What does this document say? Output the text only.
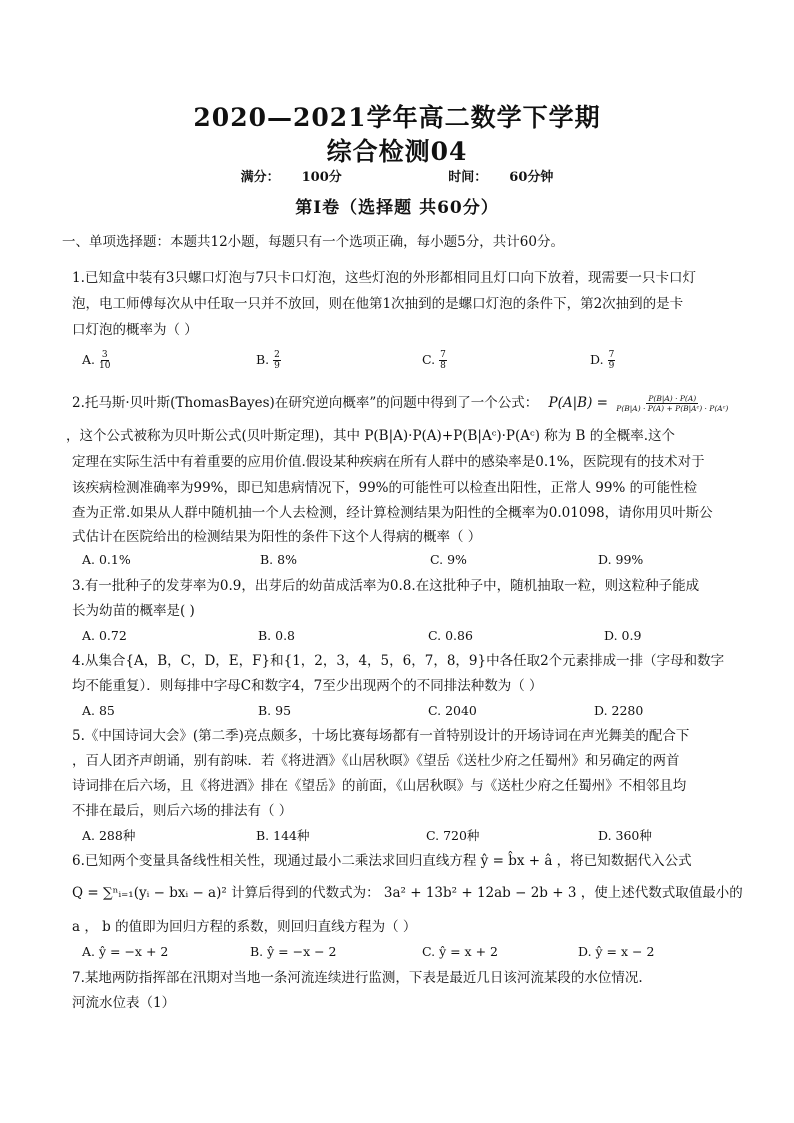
2020—2021学年高二数学下学期
综合检测04
满分： 100分	时间： 60分钟
第Ⅰ卷（选择题 共60分）
一、单项选择题：本题共12小题，每题只有一个选项正确，每小题5分，共计60分。
1.已知盒中装有3只螺口灯泡与7只卡口灯泡，这些灯泡的外形都相同且灯口向下放着，现需要一只卡口灯
泡，电工师傅每次从中任取一只并不放回，则在他第1次抽到的是螺口灯泡的条件下，第2次抽到的是卡
口灯泡的概率为（ ）
A. $\frac{3}{10}$	B. $\frac{2}{9}$	C. $\frac{7}{8}$	D. $\frac{7}{9}$
2.托马斯·贝叶斯(ThomasBayes)在研究逆向概率”的问题中得到了一个公式： $P(A|B) = \frac{P(B|A) \cdot P(A)}{\text{P(B|A) · P(A) + P(B|Aᶜ) · P(Aᶜ)}}$
，这个公式被称为贝叶斯公式(贝叶斯定理)，其中 P(B|A)·P(A)+P(B|Aᶜ)·P(Aᶜ) 称为 B 的全概率.这个
定理在实际生活中有着重要的应用价值.假设某种疾病在所有人群中的感染率是0.1%，医院现有的技术对于
该疾病检测准确率为99%，即已知患病情况下，99%的可能性可以检查出阳性，正常人 99% 的可能性检
查为正常.如果从人群中随机抽一个人去检测，经计算检测结果为阳性的全概率为0.01098，请你用贝叶斯公
式估计在医院给出的检测结果为阳性的条件下这个人得病的概率（ ）
A. 0.1%	B. 8%	C. 9%	D. 99%
3.有一批种子的发芽率为0.9，出芽后的幼苗成活率为0.8.在这批种子中，随机抽取一粒，则这粒种子能成
长为幼苗的概率是( )
A. 0.72	B. 0.8	C. 0.86	D. 0.9
4.从集合{A，B，C，D，E，F}和{1，2，3，4，5，6，7，8，9}中各任取2个元素排成一排（字母和数字
均不能重复）．则每排中字母C和数字4，7至少出现两个的不同排法种数为（ ）
A. 85	B. 95	C. 2040	D. 2280
5.《中国诗词大会》(第二季)亮点颇多，十场比赛每场都有一首特别设计的开场诗词在声光舞美的配合下
，百人团齐声朗诵，别有韵味．若《将进酒》《山居秋暝》《望岳《送杜少府之任蜀州》和另确定的两首
诗词排在后六场，且《将进酒》排在《望岳》的前面，《山居秋暝》与《送杜少府之任蜀州》不相邻且均
不排在最后，则后六场的排法有（ ）
A. 288种	B. 144种	C. 720种	D. 360种
6.已知两个变量具备线性相关性，现通过最小二乘法求回归直线方程 ŷ = b̂x + â ，将已知数据代入公式
Q = ∑ⁿᵢ₌₁(yᵢ − bxᵢ − a)² 计算后得到的代数式为： 3a² + 13b² + 12ab − 2b + 3 ，使上述代数式取值最小的
a ， b 的值即为回归方程的系数，则回归直线方程为（ ）
A. ŷ = −x + 2	B. ŷ = −x − 2	C. ŷ = x + 2	D. ŷ = x − 2
7.某地两防指挥部在汛期对当地一条河流连续进行监测，下表是最近几日该河流某段的水位情况.
河流水位表（1）
